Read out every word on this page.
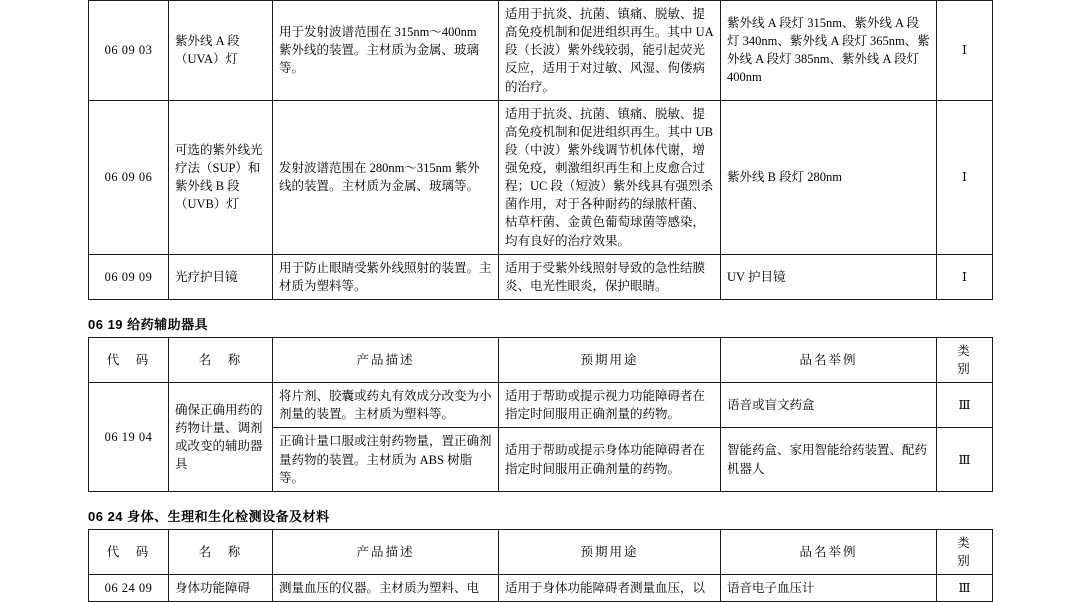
06 09 03	紫外线 A 段（UVA）灯	用于发射波谱范围在 315nm～400nm 紫外线的装置。主材质为金属、玻璃等。	适用于抗炎、抗菌、镇痛、脱敏、提高免疫机制和促进组织再生。其中 UA 段（长波）紫外线较弱，能引起荧光反应，适用于对过敏、风湿、佝偻病的治疗。	紫外线 A 段灯 315nm、紫外线 A 段灯 340nm、紫外线 A 段灯 365nm、紫外线 A 段灯 385nm、紫外线 A 段灯 400nm	Ⅰ
06 09 06	可选的紫外线光疗法（SUP）和紫外线 B 段（UVB）灯	发射波谱范围在 280nm～315nm 紫外线的装置。主材质为金属、玻璃等。	适用于抗炎、抗菌、镇痛、脱敏、提高免疫机制和促进组织再生。其中 UB 段（中波）紫外线调节机体代谢，增强免疫，刺激组织再生和上皮愈合过程；UC 段（短波）紫外线具有强烈杀菌作用，对于各种耐药的绿脓杆菌、枯草杆菌、金黄色葡萄球菌等感染，均有良好的治疗效果。	紫外线 B 段灯 280nm	Ⅰ
06 09 09	光疗护目镜	用于防止眼睛受紫外线照射的装置。主材质为塑料等。	适用于受紫外线照射导致的急性结膜炎、电光性眼炎，保护眼睛。	UV 护目镜	Ⅰ
06 19 给药辅助器具
代　码	名　称	产品描述	预期用途	品名举例	类　别
06 19 04	确保正确用药的药物计量、调剂或改变的辅助器具	将片剂、胶囊或药丸有效成分改变为小剂量的装置。主材质为塑料等。	适用于帮助或提示视力功能障碍者在指定时间服用正确剂量的药物。	语音或盲文药盒	Ⅲ
		正确计量口服或注射药物量，置正确剂量药物的装置。主材质为 ABS 树脂等。	适用于帮助或提示身体功能障碍者在指定时间服用正确剂量的药物。	智能药盒、家用智能给药装置、配药机器人	Ⅲ
06 24 身体、生理和生化检测设备及材料
代　码	名　称	产品描述	预期用途	品名举例	类　别
06 24 09	身体功能障碍	测量血压的仪器。主材质为塑料、电	适用于身体功能障碍者测量血压，以	语音电子血压计	Ⅲ
